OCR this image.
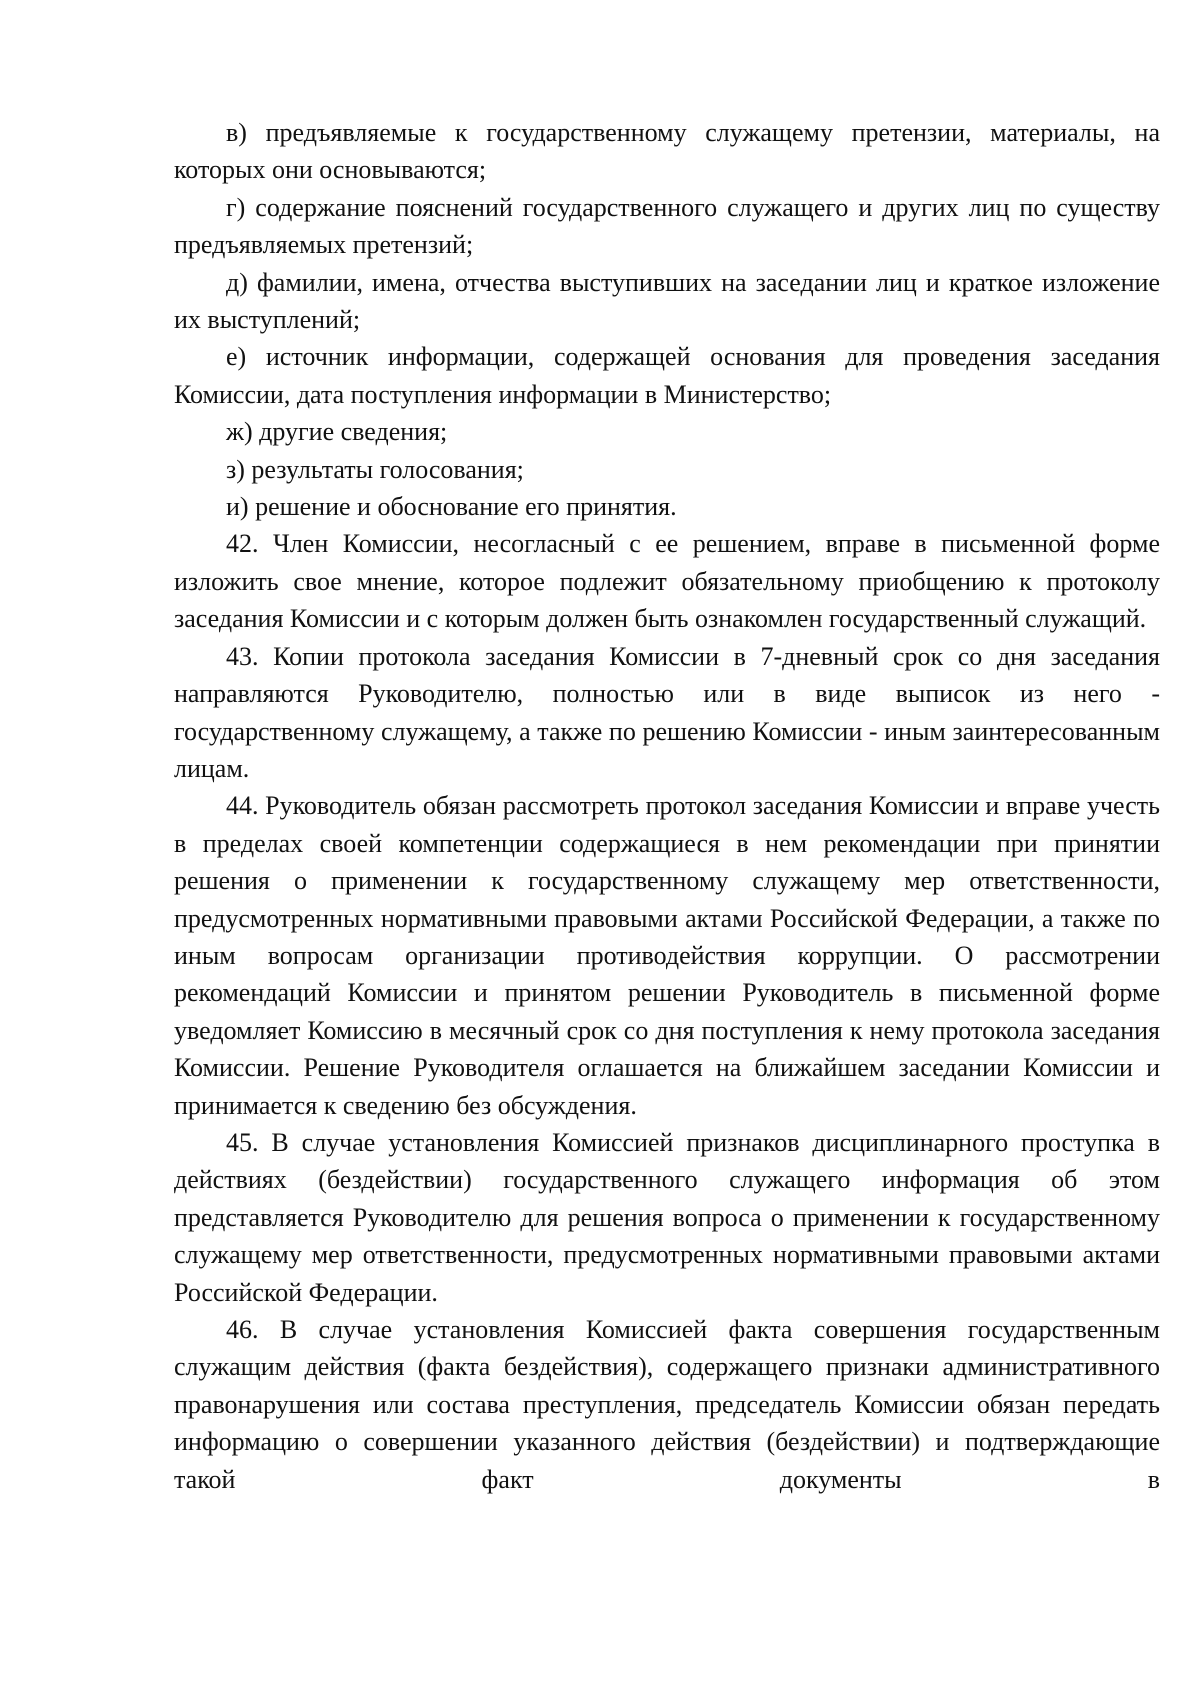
в) предъявляемые к государственному служащему претензии, материалы, на которых они основываются;

г) содержание пояснений государственного служащего и других лиц по существу предъявляемых претензий;

д) фамилии, имена, отчества выступивших на заседании лиц и краткое изложение их выступлений;

е) источник информации, содержащей основания для проведения заседания Комиссии, дата поступления информации в Министерство;

ж) другие сведения;

з) результаты голосования;

и) решение и обоснование его принятия.

42. Член Комиссии, несогласный с ее решением, вправе в письменной форме изложить свое мнение, которое подлежит обязательному приобщению к протоколу заседания Комиссии и с которым должен быть ознакомлен государственный служащий.

43. Копии протокола заседания Комиссии в 7-дневный срок со дня заседания направляются Руководителю, полностью или в виде выписок из него - государственному служащему, а также по решению Комиссии - иным заинтересованным лицам.

44. Руководитель обязан рассмотреть протокол заседания Комиссии и вправе учесть в пределах своей компетенции содержащиеся в нем рекомендации при принятии решения о применении к государственному служащему мер ответственности, предусмотренных нормативными правовыми актами Российской Федерации, а также по иным вопросам организации противодействия коррупции. О рассмотрении рекомендаций Комиссии и принятом решении Руководитель в письменной форме уведомляет Комиссию в месячный срок со дня поступления к нему протокола заседания Комиссии. Решение Руководителя оглашается на ближайшем заседании Комиссии и принимается к сведению без обсуждения.

45. В случае установления Комиссией признаков дисциплинарного проступка в действиях (бездействии) государственного служащего информация об этом представляется Руководителю для решения вопроса о применении к государственному служащему мер ответственности, предусмотренных нормативными правовыми актами Российской Федерации.

46. В случае установления Комиссией факта совершения государственным служащим действия (факта бездействия), содержащего признаки административного правонарушения или состава преступления, председатель Комиссии обязан передать информацию о совершении указанного действия (бездействии) и подтверждающие такой факт документы в
